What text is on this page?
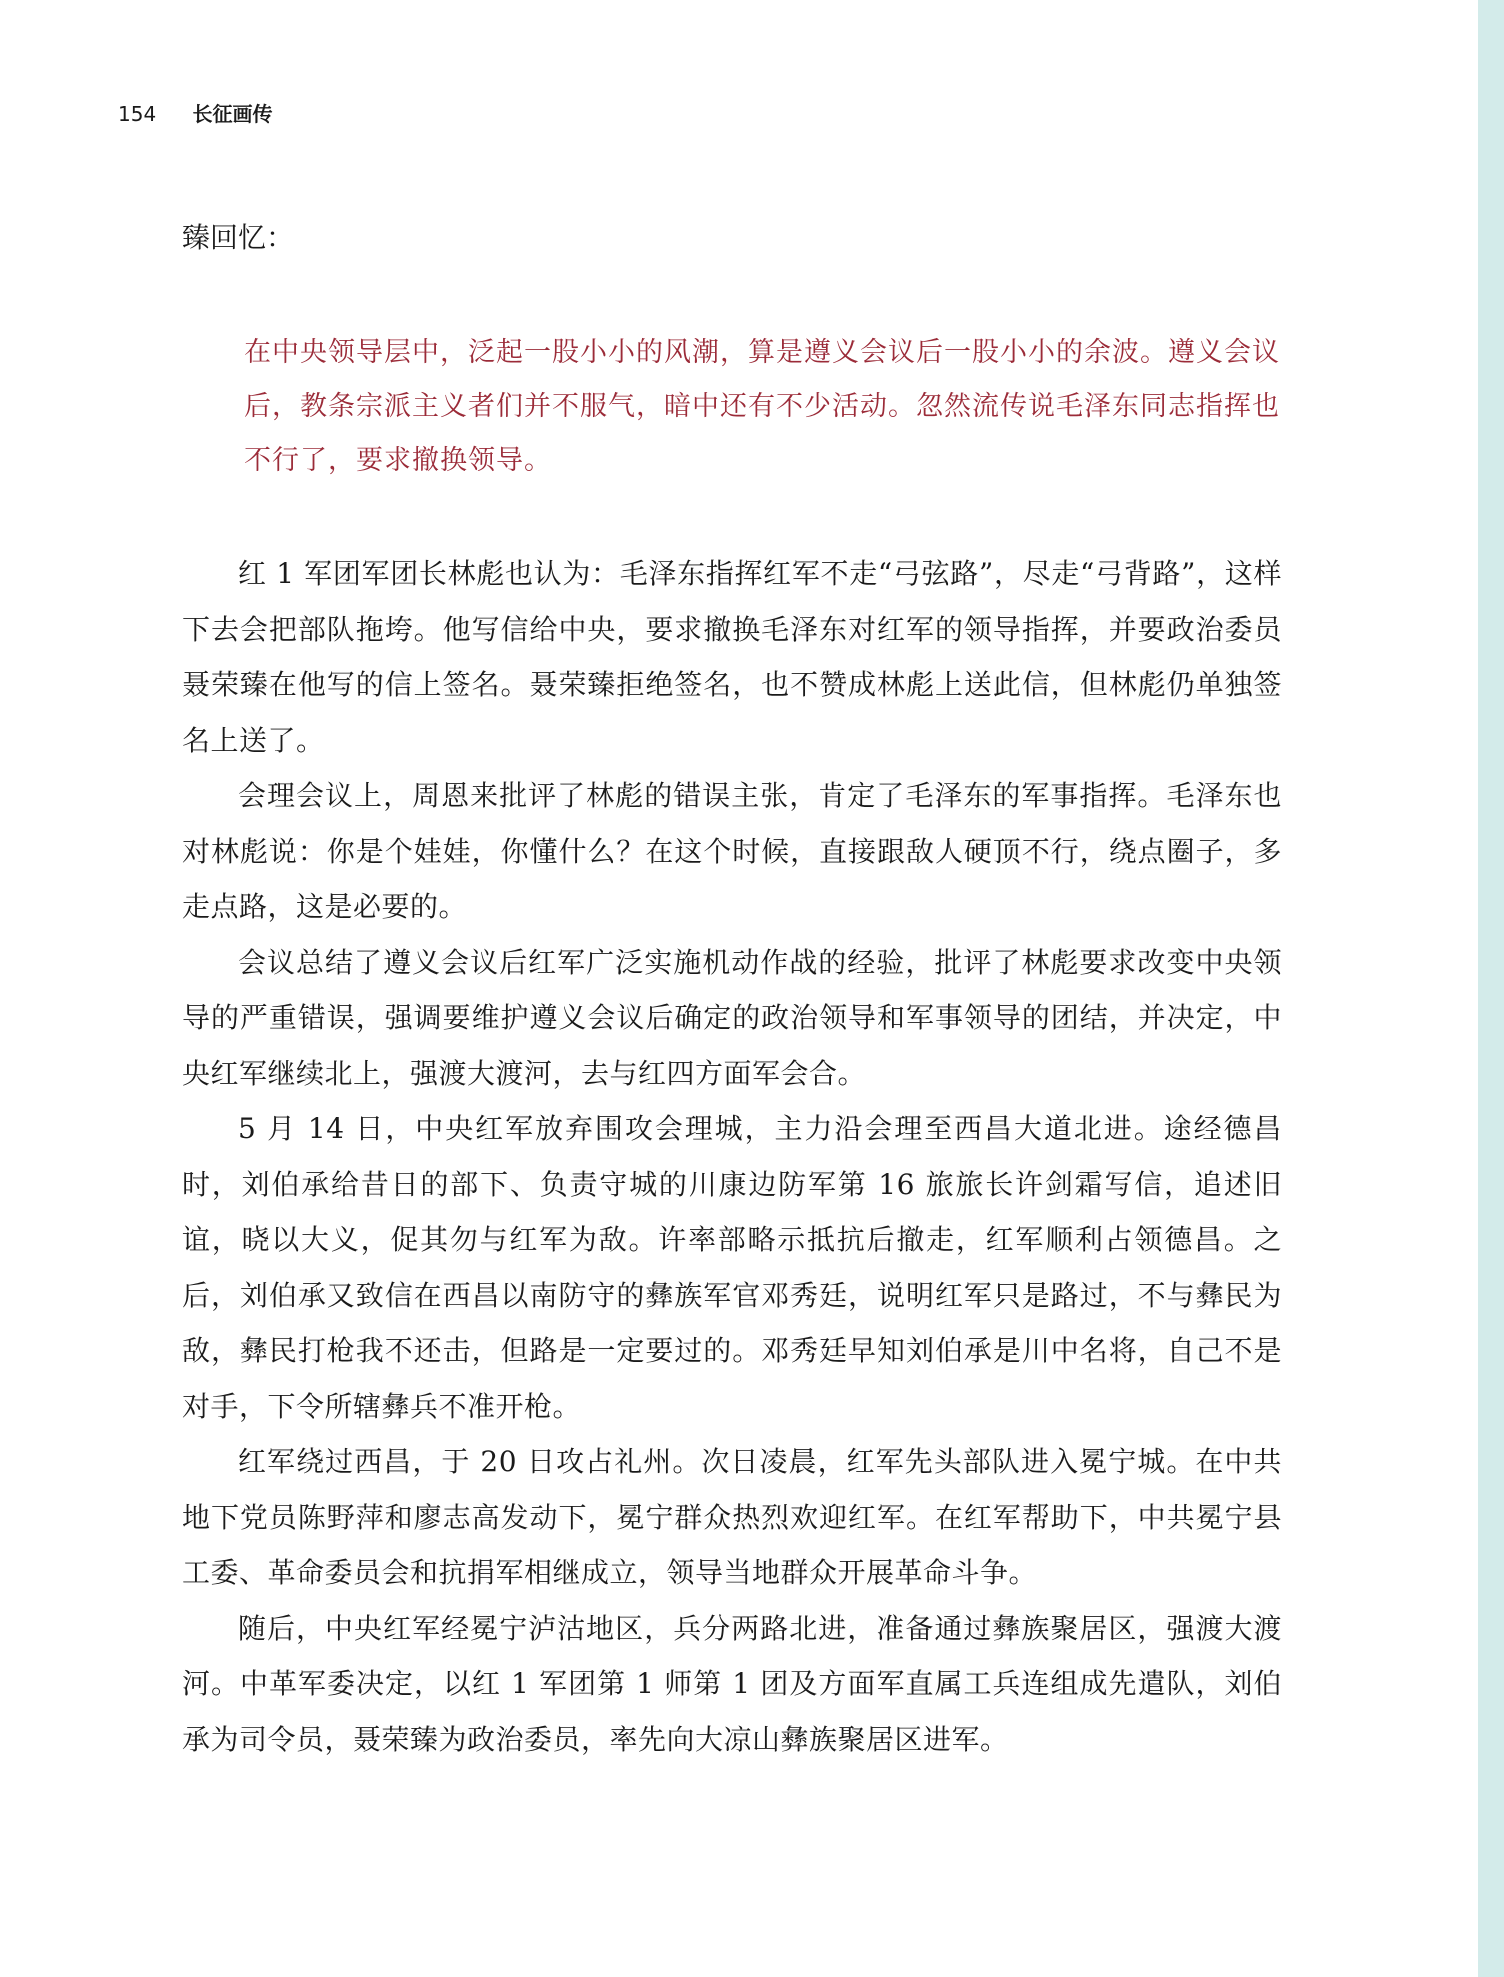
154 长征画传

臻回忆：

在中央领导层中，泛起一股小小的风潮，算是遵义会议后一股小小的余波。遵义会议后，教条宗派主义者们并不服气，暗中还有不少活动。忽然流传说毛泽东同志指挥也不行了，要求撤换领导。

红 1 军团军团长林彪也认为：毛泽东指挥红军不走“弓弦路”，尽走“弓背路”，这样下去会把部队拖垮。他写信给中央，要求撤换毛泽东对红军的领导指挥，并要政治委员聂荣臻在他写的信上签名。聂荣臻拒绝签名，也不赞成林彪上送此信，但林彪仍单独签名上送了。

会理会议上，周恩来批评了林彪的错误主张，肯定了毛泽东的军事指挥。毛泽东也对林彪说：你是个娃娃，你懂什么？在这个时候，直接跟敌人硬顶不行，绕点圈子，多走点路，这是必要的。

会议总结了遵义会议后红军广泛实施机动作战的经验，批评了林彪要求改变中央领导的严重错误，强调要维护遵义会议后确定的政治领导和军事领导的团结，并决定，中央红军继续北上，强渡大渡河，去与红四方面军会合。

5 月 14 日，中央红军放弃围攻会理城，主力沿会理至西昌大道北进。途经德昌时，刘伯承给昔日的部下、负责守城的川康边防军第 16 旅旅长许剑霜写信，追述旧谊，晓以大义，促其勿与红军为敌。许率部略示抵抗后撤走，红军顺利占领德昌。之后，刘伯承又致信在西昌以南防守的彝族军官邓秀廷，说明红军只是路过，不与彝民为敌，彝民打枪我不还击，但路是一定要过的。邓秀廷早知刘伯承是川中名将，自己不是对手，下令所辖彝兵不准开枪。

红军绕过西昌，于 20 日攻占礼州。次日凌晨，红军先头部队进入冕宁城。在中共地下党员陈野萍和廖志高发动下，冕宁群众热烈欢迎红军。在红军帮助下，中共冕宁县工委、革命委员会和抗捐军相继成立，领导当地群众开展革命斗争。

随后，中央红军经冕宁泸沽地区，兵分两路北进，准备通过彝族聚居区，强渡大渡河。中革军委决定，以红 1 军团第 1 师第 1 团及方面军直属工兵连组成先遣队，刘伯承为司令员，聂荣臻为政治委员，率先向大凉山彝族聚居区进军。
